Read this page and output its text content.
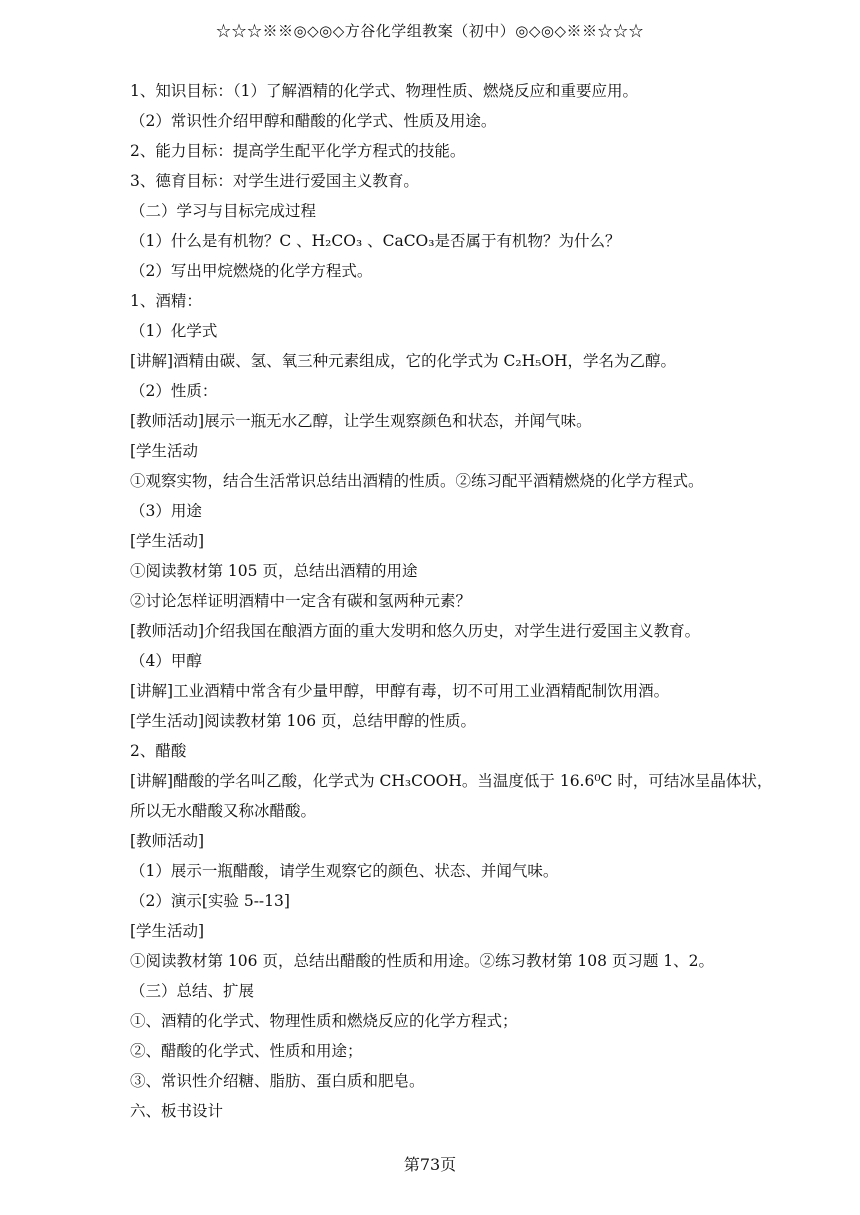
☆☆☆※※◎◇◎◇方谷化学组教案（初中）◎◇◎◇※※☆☆☆
1、知识目标：（1）了解酒精的化学式、物理性质、燃烧反应和重要应用。
（2）常识性介绍甲醇和醋酸的化学式、性质及用途。
2、能力目标：提高学生配平化学方程式的技能。
3、德育目标：对学生进行爱国主义教育。
（二）学习与目标完成过程
（1）什么是有机物？C 、H₂CO₃ 、CaCO₃是否属于有机物？为什么？
（2）写出甲烷燃烧的化学方程式。
1、酒精：
（1）化学式
[讲解]酒精由碳、氢、氧三种元素组成，它的化学式为 C₂H₅OH，学名为乙醇。
（2）性质：
[教师活动]展示一瓶无水乙醇，让学生观察颜色和状态，并闻气味。
[学生活动
①观察实物，结合生活常识总结出酒精的性质。②练习配平酒精燃烧的化学方程式。
（3）用途
[学生活动]
①阅读教材第 105 页，总结出酒精的用途
②讨论怎样证明酒精中一定含有碳和氢两种元素？
[教师活动]介绍我国在酿酒方面的重大发明和悠久历史，对学生进行爱国主义教育。
（4）甲醇
[讲解]工业酒精中常含有少量甲醇，甲醇有毒，切不可用工业酒精配制饮用酒。
[学生活动]阅读教材第 106 页，总结甲醇的性质。
2、醋酸
[讲解]醋酸的学名叫乙酸，化学式为 CH₃COOH。当温度低于 16.6⁰C 时，可结冰呈晶体状，
所以无水醋酸又称冰醋酸。
[教师活动]
（1）展示一瓶醋酸，请学生观察它的颜色、状态、并闻气味。
（2）演示[实验 5--13]
[学生活动]
①阅读教材第 106 页，总结出醋酸的性质和用途。②练习教材第 108 页习题 1、2。
（三）总结、扩展
①、酒精的化学式、物理性质和燃烧反应的化学方程式；
②、醋酸的化学式、性质和用途；
③、常识性介绍糖、脂肪、蛋白质和肥皂。
六、板书设计
第73页
